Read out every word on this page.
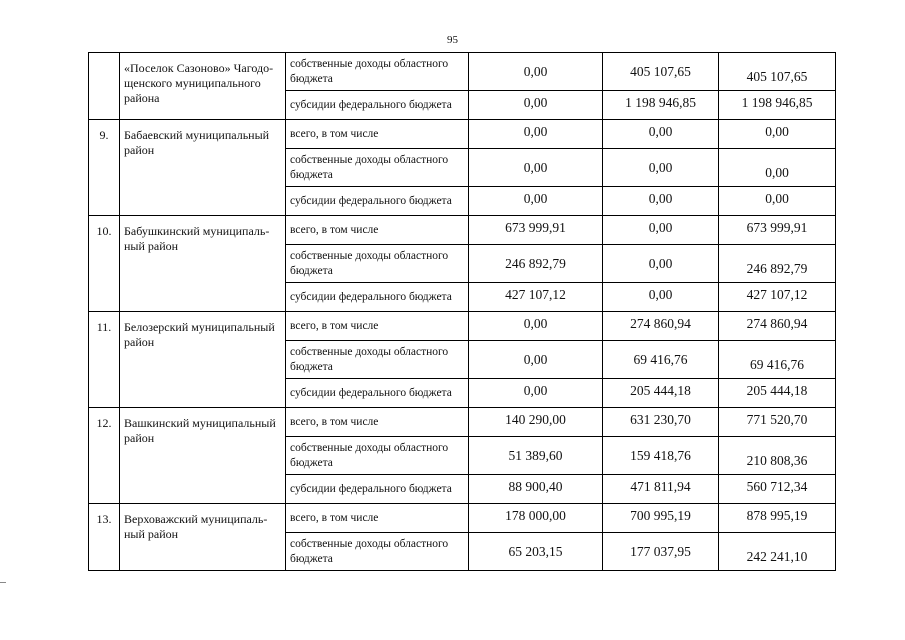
95
	«Поселок Сазоново» Чагодо-щенского муниципального района	собственные доходы областного бюджета	0,00	405 107,65	405 107,65
		субсидии федерального бюджета	0,00	1 198 946,85	1 198 946,85
9.	Бабаевский муниципальный район	всего, в том числе	0,00	0,00	0,00
		собственные доходы областного бюджета	0,00	0,00	0,00
		субсидии федерального бюджета	0,00	0,00	0,00
10.	Бабушкинский муниципаль-ный район	всего, в том числе	673 999,91	0,00	673 999,91
		собственные доходы областного бюджета	246 892,79	0,00	246 892,79
		субсидии федерального бюджета	427 107,12	0,00	427 107,12
11.	Белозерский муниципальный район	всего, в том числе	0,00	274 860,94	274 860,94
		собственные доходы областного бюджета	0,00	69 416,76	69 416,76
		субсидии федерального бюджета	0,00	205 444,18	205 444,18
12.	Вашкинский муниципальный район	всего, в том числе	140 290,00	631 230,70	771 520,70
		собственные доходы областного бюджета	51 389,60	159 418,76	210 808,36
		субсидии федерального бюджета	88 900,40	471 811,94	560 712,34
13.	Верховажский муниципаль-ный район	всего, в том числе	178 000,00	700 995,19	878 995,19
		собственные доходы областного бюджета	65 203,15	177 037,95	242 241,10
